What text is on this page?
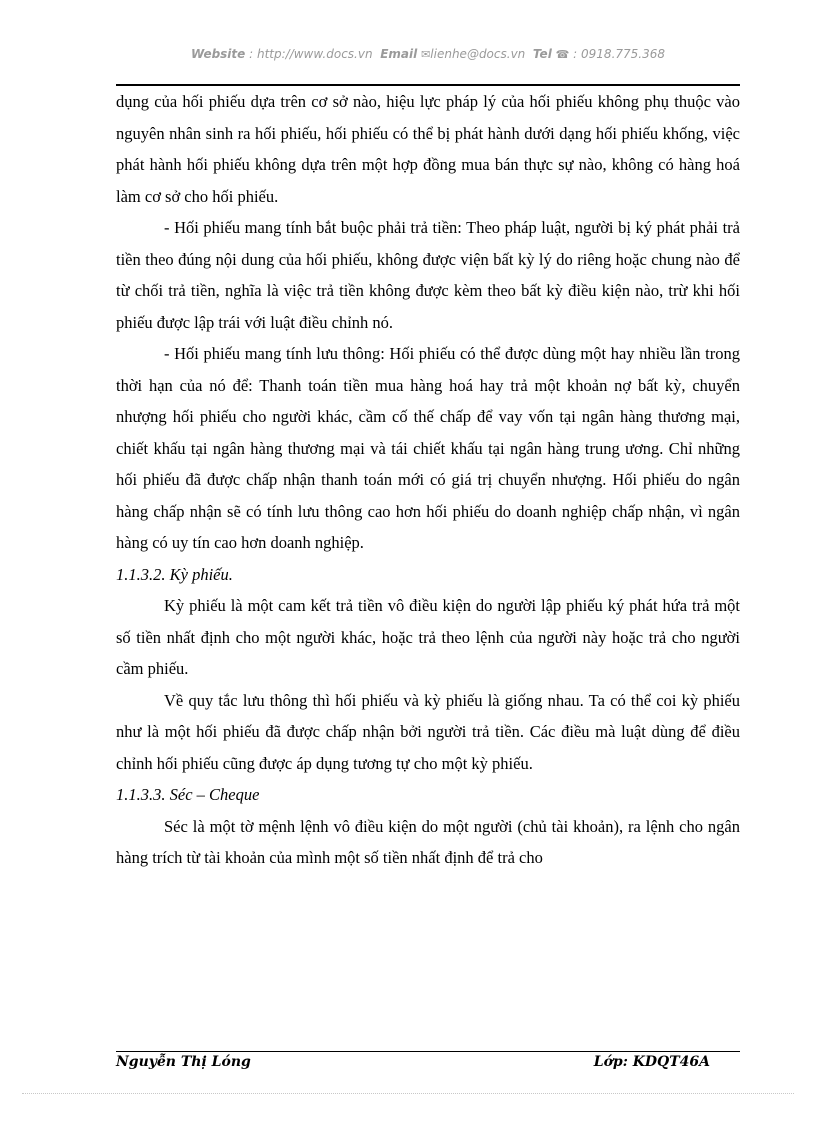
Website : http://www.docs.vn Email ✉lienhe@docs.vn Tel ☎ : 0918.775.368

dụng của hối phiếu dựa trên cơ sở nào, hiệu lực pháp lý của hối phiếu không phụ thuộc vào nguyên nhân sinh ra hối phiếu, hối phiếu có thể bị phát hành dưới dạng hối phiếu khống, việc phát hành hối phiếu không dựa trên một hợp đồng mua bán thực sự nào, không có hàng hoá làm cơ sở cho hối phiếu.

- Hối phiếu mang tính bắt buộc phải trả tiền: Theo pháp luật, người bị ký phát phải trả tiền theo đúng nội dung của hối phiếu, không được viện bất kỳ lý do riêng hoặc chung nào để từ chối trả tiền, nghĩa là việc trả tiền không được kèm theo bất kỳ điều kiện nào, trừ khi hối phiếu được lập trái với luật điều chỉnh nó.

- Hối phiếu mang tính lưu thông: Hối phiếu có thể được dùng một hay nhiều lần trong thời hạn của nó để: Thanh toán tiền mua hàng hoá hay trả một khoản nợ bất kỳ, chuyển nhượng hối phiếu cho người khác, cầm cố thế chấp để vay vốn tại ngân hàng thương mại, chiết khấu tại ngân hàng thương mại và tái chiết khấu tại ngân hàng trung ương. Chỉ những hối phiếu đã được chấp nhận thanh toán mới có giá trị chuyển nhượng. Hối phiếu do ngân hàng chấp nhận sẽ có tính lưu thông cao hơn hối phiếu do doanh nghiệp chấp nhận, vì ngân hàng có uy tín cao hơn doanh nghiệp.

1.1.3.2. Kỳ phiếu.

Kỳ phiếu là một cam kết trả tiền vô điều kiện do người lập phiếu ký phát hứa trả một số tiền nhất định cho một người khác, hoặc trả theo lệnh của người này hoặc trả cho người cầm phiếu.

Về quy tắc lưu thông thì hối phiếu và kỳ phiếu là giống nhau. Ta có thể coi kỳ phiếu như là một hối phiếu đã được chấp nhận bởi người trả tiền. Các điều mà luật dùng để điều chỉnh hối phiếu cũng được áp dụng tương tự cho một kỳ phiếu.

1.1.3.3. Séc – Cheque

Séc là một tờ mệnh lệnh vô điều kiện do một người (chủ tài khoản), ra lệnh cho ngân hàng trích từ tài khoản của mình một số tiền nhất định để trả cho

Nguyễn Thị Lóng	Lớp: KDQT46A
